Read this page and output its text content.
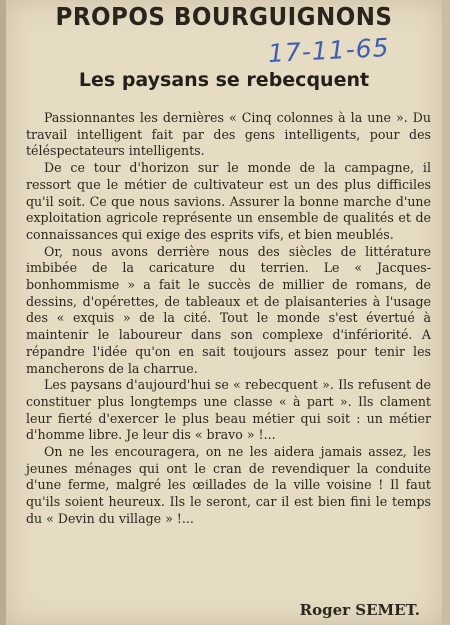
PROPOS BOURGUIGNONS
17-11-65
Les paysans se rebecquent

Passionnantes les dernières « Cinq colonnes à la une ». Du travail intelligent fait par des gens intelligents, pour des téléspectateurs intelligents.

De ce tour d'horizon sur le monde de la campagne, il ressort que le métier de cultivateur est un des plus difficiles qu'il soit. Ce que nous savions. Assurer la bonne marche d'une exploitation agricole représente un ensemble de qualités et de connaissances qui exige des esprits vifs, et bien meublés.

Or, nous avons derrière nous des siècles de littérature imbibée de la caricature du terrien. Le « Jacques-bonhommisme » a fait le succès de millier de romans, de dessins, d'opérettes, de tableaux et de plaisanteries à l'usage des « exquis » de la cité. Tout le monde s'est évertué à maintenir le laboureur dans son complexe d'infériorité. A répandre l'idée qu'on en sait toujours assez pour tenir les mancherons de la charrue.

Les paysans d'aujourd'hui se « rebecquent ». Ils refusent de constituer plus longtemps une classe « à part ». Ils clament leur fierté d'exercer le plus beau métier qui soit : un métier d'homme libre. Je leur dis « bravo » !...

On ne les encouragera, on ne les aidera jamais assez, les jeunes ménages qui ont le cran de revendiquer la conduite d'une ferme, malgré les œillades de la ville voisine ! Il faut qu'ils soient heureux. Ils le seront, car il est bien fini le temps du « Devin du village » !...

Roger SEMET.
